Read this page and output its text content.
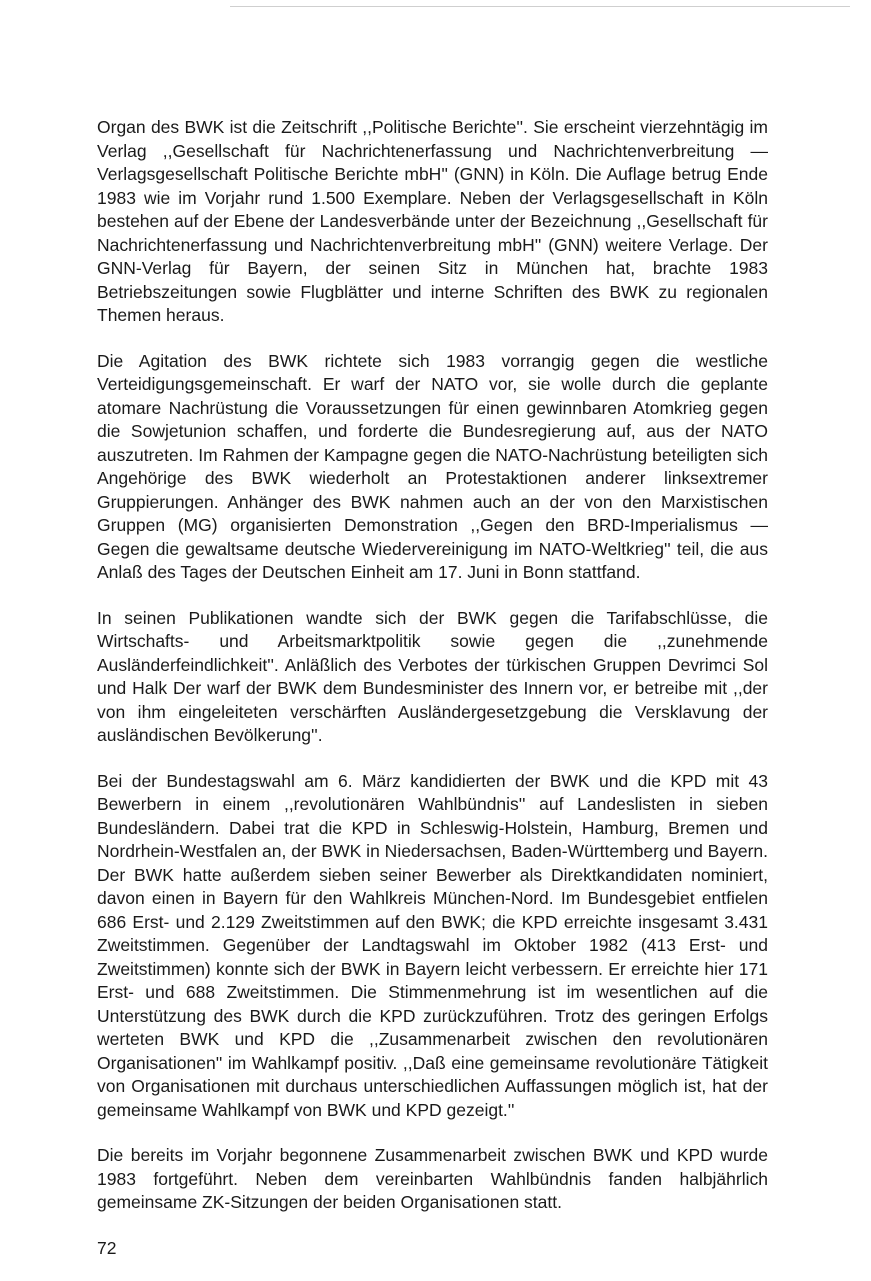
Organ des BWK ist die Zeitschrift ,,Politische Berichte''. Sie erscheint vierzehntägig im Verlag ,,Gesellschaft für Nachrichtenerfassung und Nachrichtenverbreitung — Verlagsgesellschaft Politische Berichte mbH'' (GNN) in Köln. Die Auflage betrug Ende 1983 wie im Vorjahr rund 1.500 Exemplare. Neben der Verlagsgesellschaft in Köln bestehen auf der Ebene der Landesverbände unter der Bezeichnung ,,Gesellschaft für Nachrichtenerfassung und Nachrichtenverbreitung mbH'' (GNN) weitere Verlage. Der GNN-Verlag für Bayern, der seinen Sitz in München hat, brachte 1983 Betriebszeitungen sowie Flugblätter und interne Schriften des BWK zu regionalen Themen heraus.

Die Agitation des BWK richtete sich 1983 vorrangig gegen die westliche Verteidigungsgemeinschaft. Er warf der NATO vor, sie wolle durch die geplante atomare Nachrüstung die Voraussetzungen für einen gewinnbaren Atomkrieg gegen die Sowjetunion schaffen, und forderte die Bundesregierung auf, aus der NATO auszutreten. Im Rahmen der Kampagne gegen die NATO-Nachrüstung beteiligten sich Angehörige des BWK wiederholt an Protestaktionen anderer linksextremer Gruppierungen. Anhänger des BWK nahmen auch an der von den Marxistischen Gruppen (MG) organisierten Demonstration ,,Gegen den BRD-Imperialismus — Gegen die gewaltsame deutsche Wiedervereinigung im NATO-Weltkrieg'' teil, die aus Anlaß des Tages der Deutschen Einheit am 17. Juni in Bonn stattfand.

In seinen Publikationen wandte sich der BWK gegen die Tarifabschlüsse, die Wirtschafts- und Arbeitsmarktpolitik sowie gegen die ,,zunehmende Ausländerfeindlichkeit''. Anläßlich des Verbotes der türkischen Gruppen Devrimci Sol und Halk Der warf der BWK dem Bundesminister des Innern vor, er betreibe mit ,,der von ihm eingeleiteten verschärften Ausländergesetzgebung die Versklavung der ausländischen Bevölkerung''.

Bei der Bundestagswahl am 6. März kandidierten der BWK und die KPD mit 43 Bewerbern in einem ,,revolutionären Wahlbündnis'' auf Landeslisten in sieben Bundesländern. Dabei trat die KPD in Schleswig-Holstein, Hamburg, Bremen und Nordrhein-Westfalen an, der BWK in Niedersachsen, Baden-Württemberg und Bayern. Der BWK hatte außerdem sieben seiner Bewerber als Direktkandidaten nominiert, davon einen in Bayern für den Wahlkreis München-Nord. Im Bundesgebiet entfielen 686 Erst- und 2.129 Zweitstimmen auf den BWK; die KPD erreichte insgesamt 3.431 Zweitstimmen. Gegenüber der Landtagswahl im Oktober 1982 (413 Erst- und Zweitstimmen) konnte sich der BWK in Bayern leicht verbessern. Er erreichte hier 171 Erst- und 688 Zweitstimmen. Die Stimmenmehrung ist im wesentlichen auf die Unterstützung des BWK durch die KPD zurückzuführen. Trotz des geringen Erfolgs werteten BWK und KPD die ,,Zusammenarbeit zwischen den revolutionären Organisationen'' im Wahlkampf positiv. ,,Daß eine gemeinsame revolutionäre Tätigkeit von Organisationen mit durchaus unterschiedlichen Auffassungen möglich ist, hat der gemeinsame Wahlkampf von BWK und KPD gezeigt.''

Die bereits im Vorjahr begonnene Zusammenarbeit zwischen BWK und KPD wurde 1983 fortgeführt. Neben dem vereinbarten Wahlbündnis fanden halbjährlich gemeinsame ZK-Sitzungen der beiden Organisationen statt.

72
